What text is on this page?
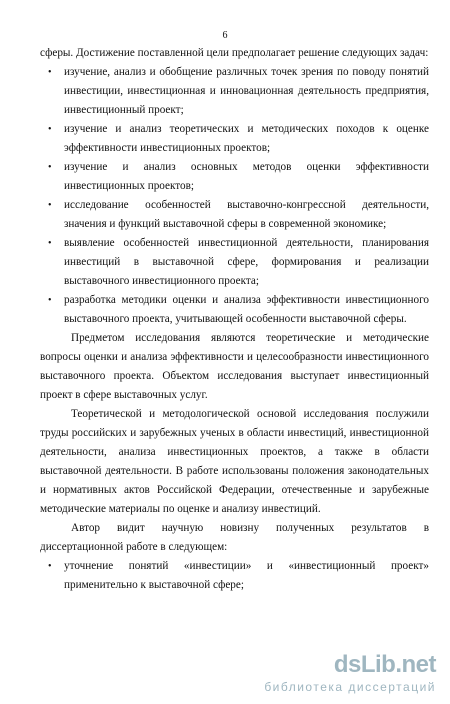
6

сферы. Достижение поставленной цели предполагает решение следующих задач:

• изучение, анализ и обобщение различных точек зрения по поводу понятий инвестиции, инвестиционная и инновационная деятельность предприятия, инвестиционный проект;
• изучение и анализ теоретических и методических походов к оценке эффективности инвестиционных проектов;
• изучение и анализ основных методов оценки эффективности инвестиционных проектов;
• исследование особенностей выставочно-конгрессной деятельности, значения и функций выставочной сферы в современной экономике;
• выявление особенностей инвестиционной деятельности, планирования инвестиций в выставочной сфере, формирования и реализации выставочного инвестиционного проекта;
• разработка методики оценки и анализа эффективности инвестиционного выставочного проекта, учитывающей особенности выставочной сферы.

Предметом исследования являются теоретические и методические вопросы оценки и анализа эффективности и целесообразности инвестиционного выставочного проекта. Объектом исследования выступает инвестиционный проект в сфере выставочных услуг.

Теоретической и методологической основой исследования послужили труды российских и зарубежных ученых в области инвестиций, инвестиционной деятельности, анализа инвестиционных проектов, а также в области выставочной деятельности. В работе использованы положения законодательных и нормативных актов Российской Федерации, отечественные и зарубежные методические материалы по оценке и анализу инвестиций.

Автор видит научную новизну полученных результатов в диссертационной работе в следующем:

• уточнение понятий «инвестиции» и «инвестиционный проект» применительно к выставочной сфере;
dsLib.net
библиотека диссертаций
